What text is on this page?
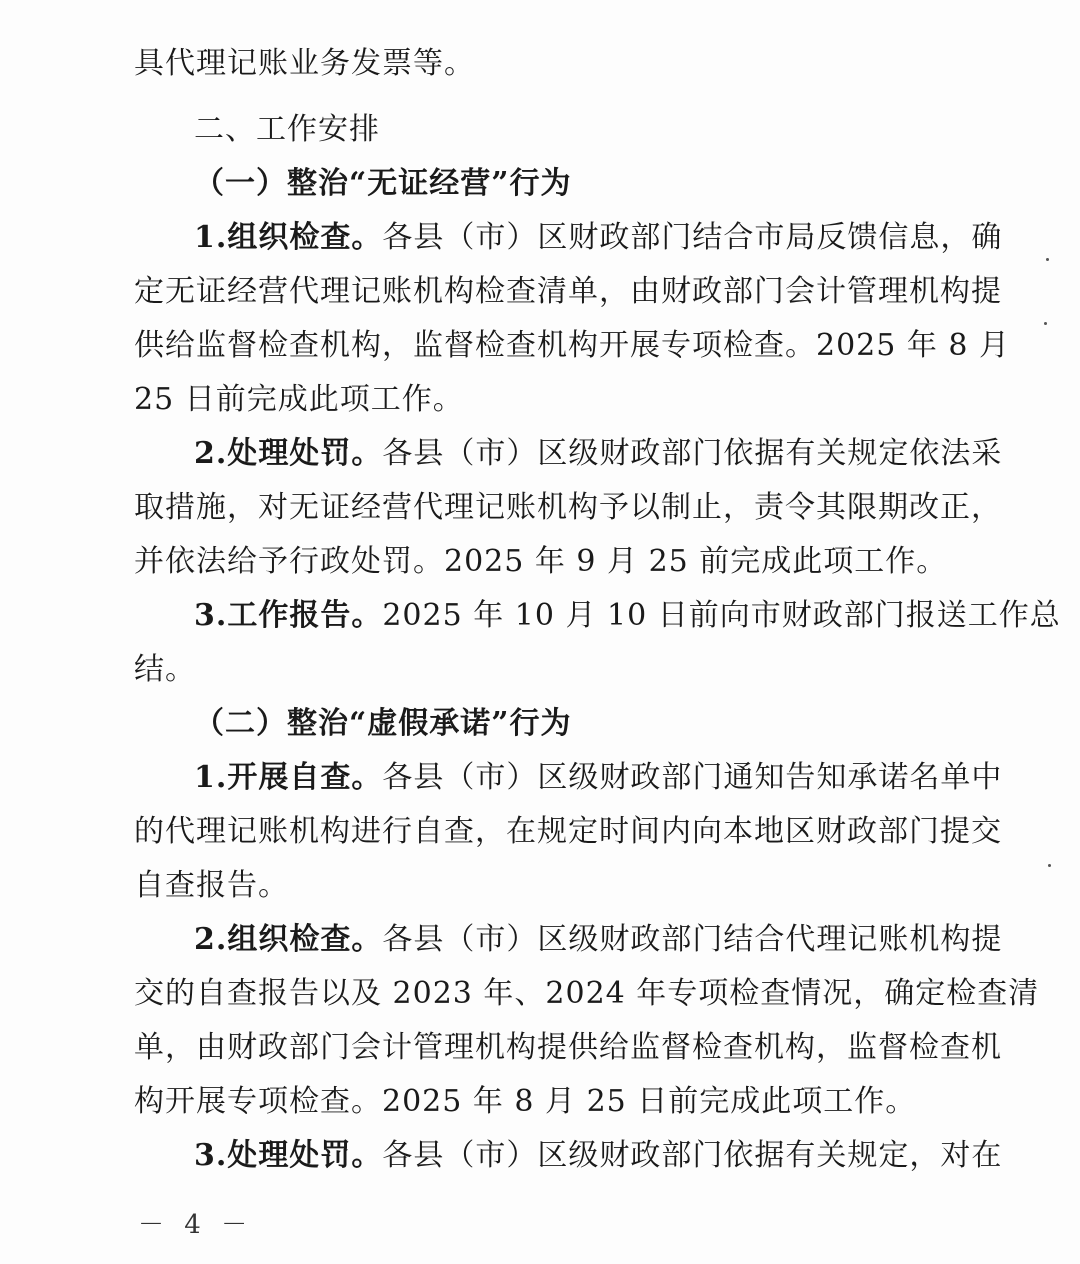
具代理记账业务发票等。
二、工作安排
（一）整治“无证经营”行为
1.组织检查。各县（市）区财政部门结合市局反馈信息，确
定无证经营代理记账机构检查清单，由财政部门会计管理机构提
供给监督检查机构，监督检查机构开展专项检查。2025 年 8 月
25 日前完成此项工作。
2.处理处罚。各县（市）区级财政部门依据有关规定依法采
取措施，对无证经营代理记账机构予以制止，责令其限期改正，
并依法给予行政处罚。2025 年 9 月 25 前完成此项工作。
3.工作报告。2025 年 10 月 10 日前向市财政部门报送工作总
结。
（二）整治“虚假承诺”行为
1.开展自查。各县（市）区级财政部门通知告知承诺名单中
的代理记账机构进行自查，在规定时间内向本地区财政部门提交
自查报告。
2.组织检查。各县（市）区级财政部门结合代理记账机构提
交的自查报告以及 2023 年、2024 年专项检查情况，确定检查清
单，由财政部门会计管理机构提供给监督检查机构，监督检查机
构开展专项检查。2025 年 8 月 25 日前完成此项工作。
3.处理处罚。各县（市）区级财政部门依据有关规定，对在
－ 4 －
